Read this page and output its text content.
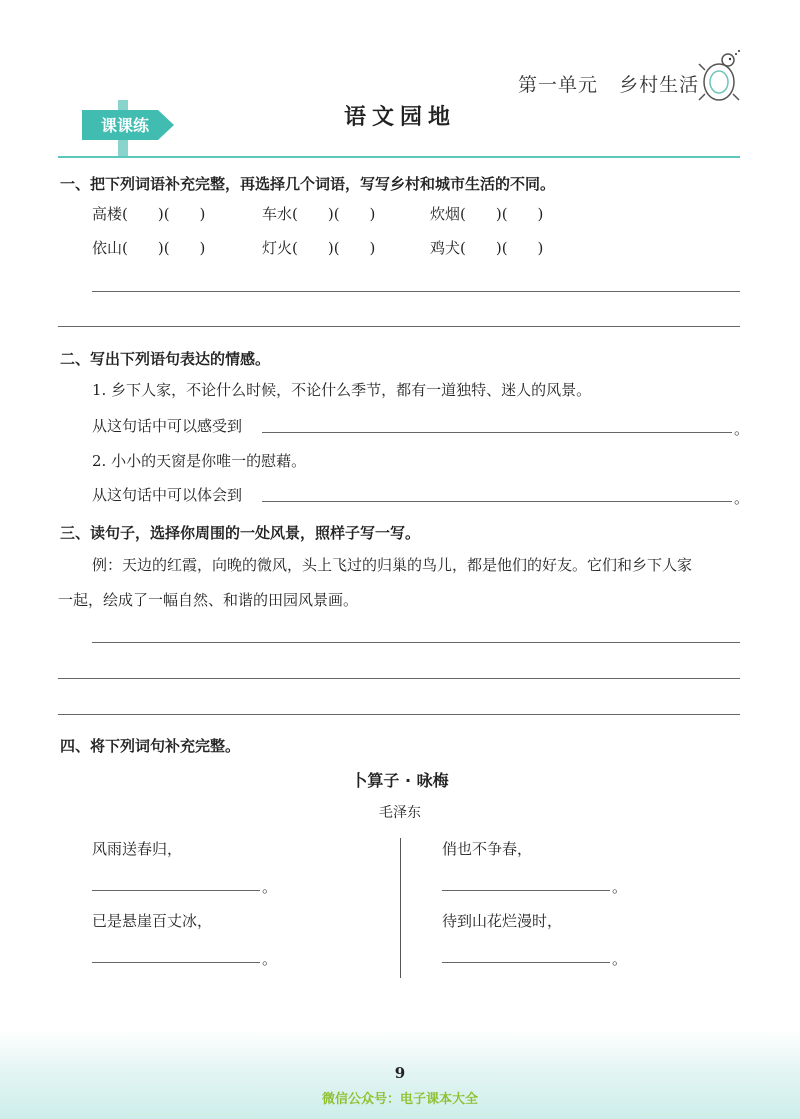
第一单元 乡村生活
课课练	语文园地
一、把下列词语补充完整，再选择几个词语，写写乡村和城市生活的不同。
高楼(  )(  )	车水(  )(  )	炊烟(  )(  )
依山(  )(  )	灯火(  )(  )	鸡犬(  )(  )
二、写出下列语句表达的情感。
1. 乡下人家，不论什么时候，不论什么季节，都有一道独特、迷人的风景。
从这句话中可以感受到	。
2. 小小的天窗是你唯一的慰藉。
从这句话中可以体会到	。
三、读句子，选择你周围的一处风景，照样子写一写。
例：天边的红霞，向晚的微风，头上飞过的归巢的鸟儿，都是他们的好友。它们和乡下人家
一起，绘成了一幅自然、和谐的田园风景画。
四、将下列词句补充完整。
卜算子 · 咏梅
毛泽东
风雨送春归，
。
已是悬崖百丈冰，
。
俏也不争春，
。
待到山花烂漫时，
。
9
微信公众号：电子课本大全
